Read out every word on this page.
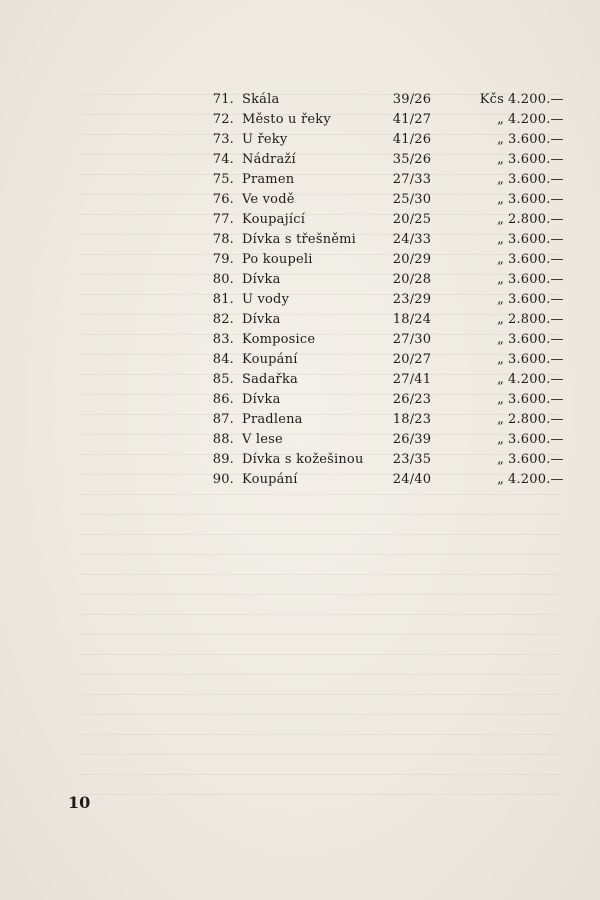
71. Skála	39/26	Kčs 4.200.—
72. Město u řeky	41/27	„ 4.200.—
73. U řeky	41/26	„ 3.600.—
74. Nádraží	35/26	„ 3.600.—
75. Pramen	27/33	„ 3.600.—
76. Ve vodě	25/30	„ 3.600.—
77. Koupající	20/25	„ 2.800.—
78. Dívka s třešněmi	24/33	„ 3.600.—
79. Po koupeli	20/29	„ 3.600.—
80. Dívka	20/28	„ 3.600.—
81. U vody	23/29	„ 3.600.—
82. Dívka	18/24	„ 2.800.—
83. Komposice	27/30	„ 3.600.—
84. Koupání	20/27	„ 3.600.—
85. Sadařka	27/41	„ 4.200.—
86. Dívka	26/23	„ 3.600.—
87. Pradlena	18/23	„ 2.800.—
88. V lese	26/39	„ 3.600.—
89. Dívka s kožešinou	23/35	„ 3.600.—
90. Koupání	24/40	„ 4.200.—
10
